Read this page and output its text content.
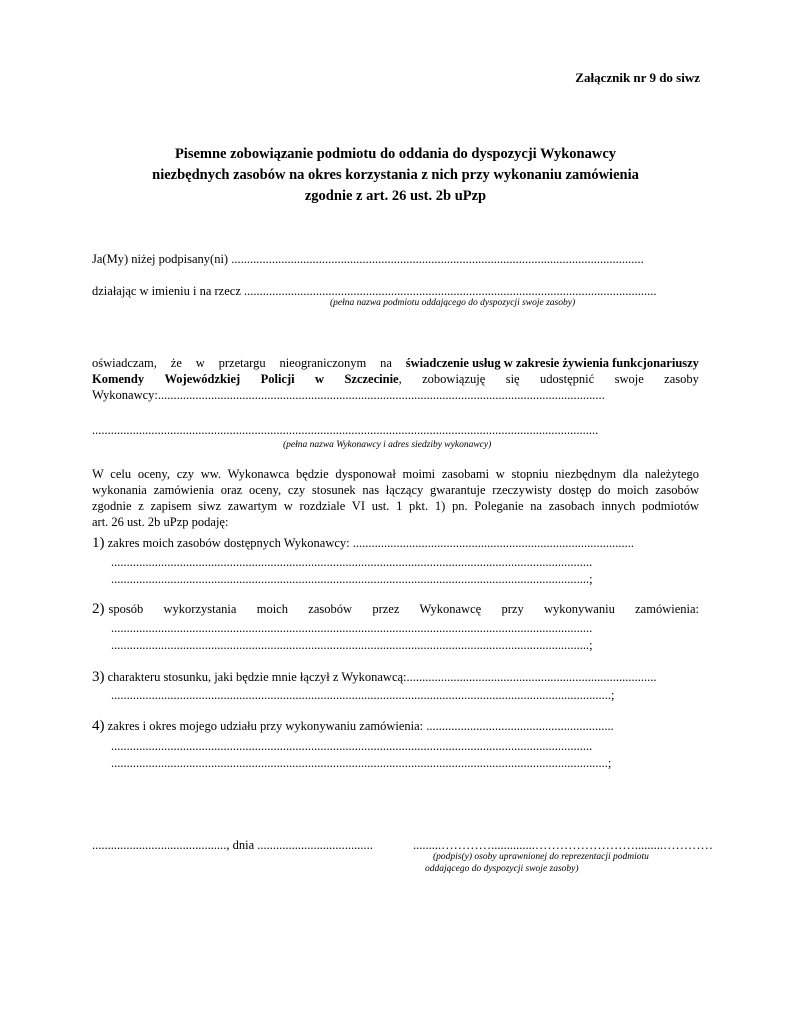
Załącznik nr 9 do siwz
Pisemne zobowiązanie podmiotu do oddania do dyspozycji Wykonawcy
niezbędnych zasobów na okres korzystania z nich przy wykonaniu zamówienia
zgodnie z art. 26 ust. 2b uPzp
Ja(My) niżej podpisany(ni) ....................................................................................................................................
działając w imieniu i na rzecz ....................................................................................................................................
(pełna nazwa podmiotu oddającego do dyspozycji swoje zasoby)
oświadczam, że w przetargu nieograniczonym na świadczenie usług w zakresie żywienia funkcjonariuszy
Komendy Wojewódzkiej Policji w Szczecinie, zobowiązuję się udostępnić swoje zasoby
Wykonawcy:...............................................................................................................................................
..................................................................................................................................................................
(pełna nazwa Wykonawcy i adres siedziby wykonawcy)
W celu oceny, czy ww. Wykonawca będzie dysponował moimi zasobami w stopniu niezbędnym dla należytego
wykonania zamówienia oraz oceny, czy stosunek nas łączący gwarantuje rzeczywisty dostęp do moich zasobów
zgodnie z zapisem siwz zawartym w rozdziale VI ust. 1 pkt. 1) pn. Poleganie na zasobach innych podmiotów
art. 26 ust. 2b uPzp podaję:
1) zakres moich zasobów dostępnych Wykonawcy: ..........................................................................................
..........................................................................................................................................................
.........................................................................................................................................................;
2) sposób wykorzystania moich zasobów przez Wykonawcę przy wykonywaniu zamówienia:
..........................................................................................................................................................
.........................................................................................................................................................;
3) charakteru stosunku, jaki będzie mnie łączył z Wykonawcą:................................................................................
................................................................................................................................................................;
4) zakres i okres mojego udziału przy wykonywaniu zamówienia: ............................................................
..........................................................................................................................................................
...............................................................................................................................................................;
..........................................., dnia .....................................	.........…………..............…………………….........…………
(podpis(y) osoby uprawnionej do reprezentacji podmiotu
oddającego do dyspozycji swoje zasoby)
